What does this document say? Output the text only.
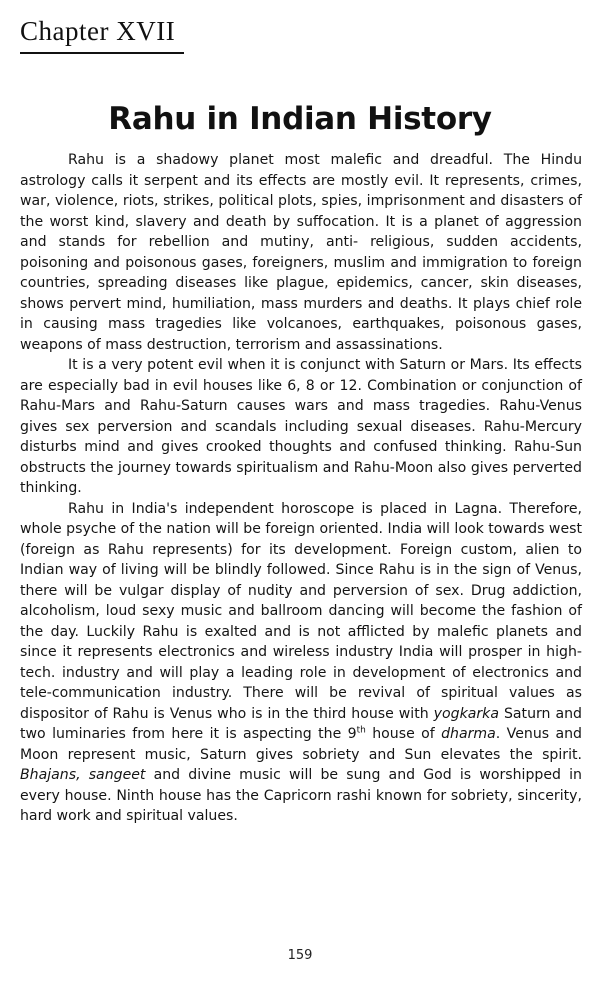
Chapter XVII
Rahu in Indian History

Rahu is a shadowy planet most malefic and dreadful. The Hindu astrology calls it serpent and its effects are mostly evil. It represents, crimes, war, violence, riots, strikes, political plots, spies, imprisonment and disasters of the worst kind, slavery and death by suffocation. It is a planet of aggression and stands for rebellion and mutiny, anti- religious, sudden accidents, poisoning and poisonous gases, foreigners, muslim and immigration to foreign countries, spreading diseases like plague, epidemics, cancer, skin diseases, shows pervert mind, humiliation, mass murders and deaths. It plays chief role in causing mass tragedies like volcanoes, earthquakes, poisonous gases, weapons of mass destruction, terrorism and assassinations.

It is a very potent evil when it is conjunct with Saturn or Mars. Its effects are especially bad in evil houses like 6, 8 or 12. Combination or conjunction of Rahu-Mars and Rahu-Saturn causes wars and mass tragedies. Rahu-Venus gives sex perversion and scandals including sexual diseases. Rahu-Mercury disturbs mind and gives crooked thoughts and confused thinking. Rahu-Sun obstructs the journey towards spiritualism and Rahu-Moon also gives perverted thinking.

Rahu in India's independent horoscope is placed in Lagna. Therefore, whole psyche of the nation will be foreign oriented. India will look towards west (foreign as Rahu represents) for its development. Foreign custom, alien to Indian way of living will be blindly followed. Since Rahu is in the sign of Venus, there will be vulgar display of nudity and perversion of sex. Drug addiction, alcoholism, loud sexy music and ballroom dancing will become the fashion of the day. Luckily Rahu is exalted and is not afflicted by malefic planets and since it represents electronics and wireless industry India will prosper in high-tech. industry and will play a leading role in development of electronics and tele-communication industry. There will be revival of spiritual values as dispositor of Rahu is Venus who is in the third house with yogkarka Saturn and two luminaries from here it is aspecting the 9th house of dharma. Venus and Moon represent music, Saturn gives sobriety and Sun elevates the spirit. Bhajans, sangeet and divine music will be sung and God is worshipped in every house. Ninth house has the Capricorn rashi known for sobriety, sincerity, hard work and spiritual values.

159
